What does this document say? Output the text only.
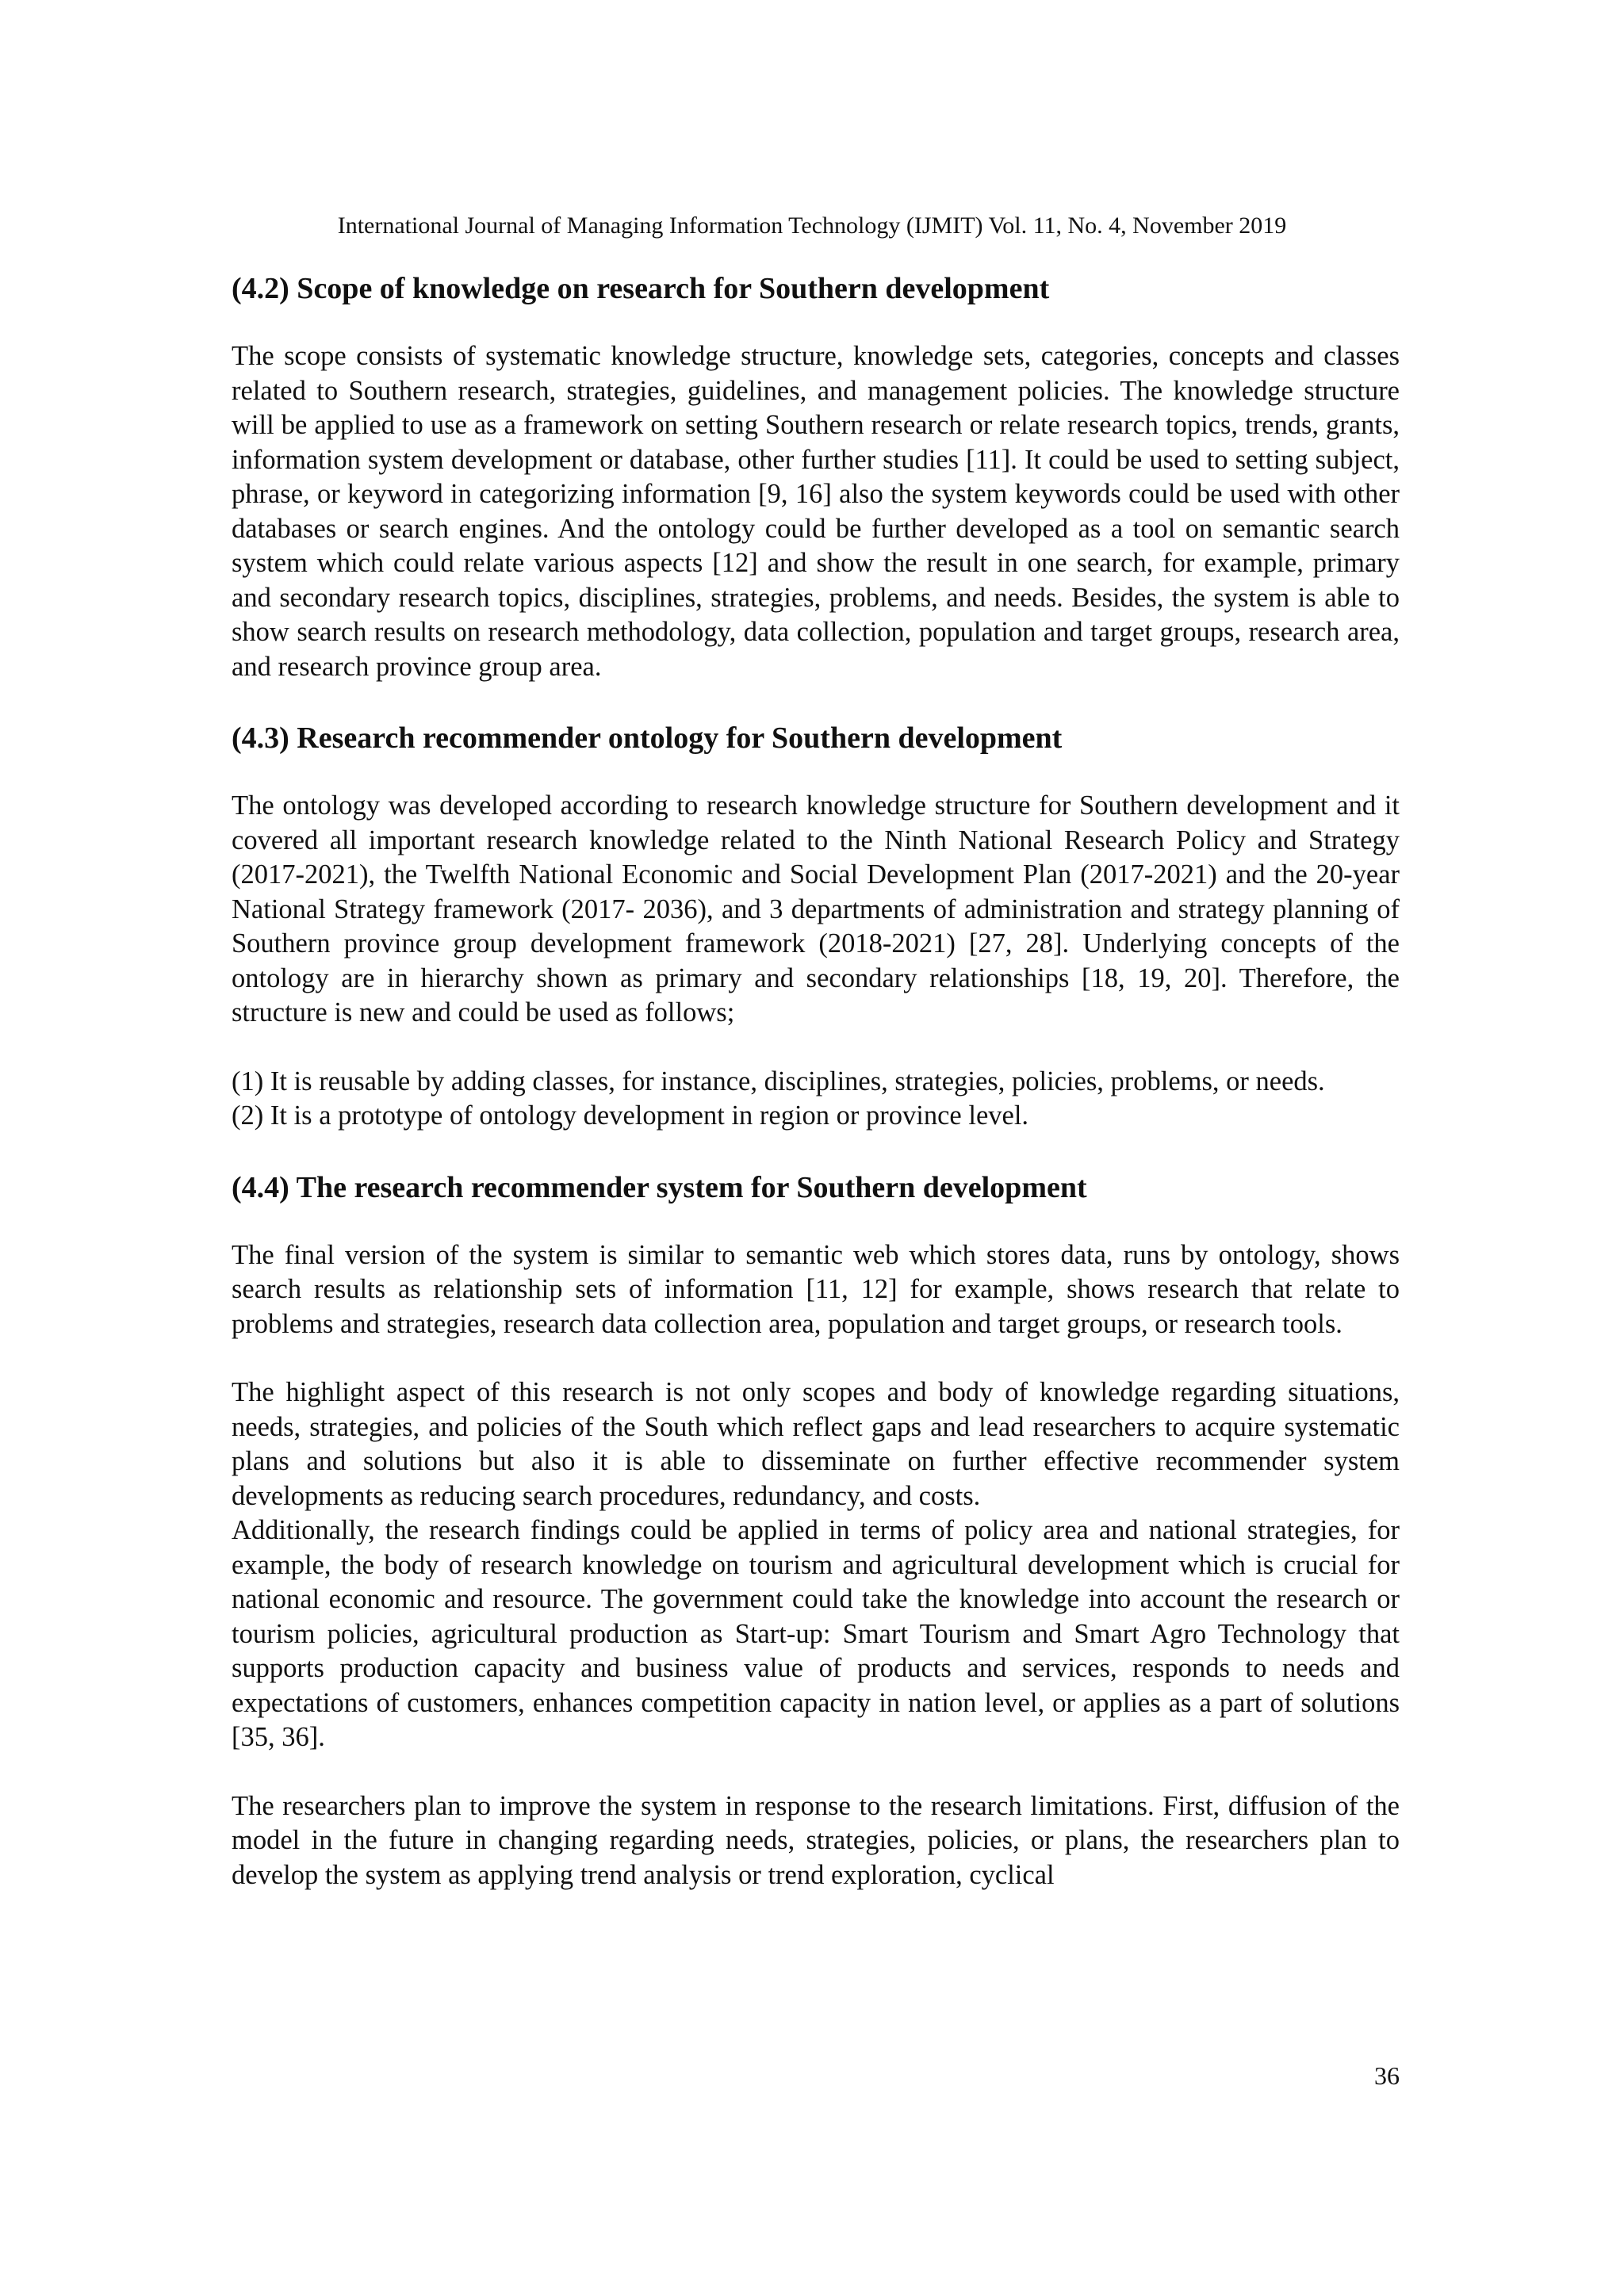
International Journal of Managing Information Technology (IJMIT) Vol. 11, No. 4, November 2019
(4.2) Scope of knowledge on research for Southern development

The scope consists of systematic knowledge structure, knowledge sets, categories, concepts and classes related to Southern research, strategies, guidelines, and management policies. The knowledge structure will be applied to use as a framework on setting Southern research or relate research topics, trends, grants, information system development or database, other further studies [11]. It could be used to setting subject, phrase, or keyword in categorizing information [9, 16] also the system keywords could be used with other databases or search engines. And the ontology could be further developed as a tool on semantic search system which could relate various aspects [12] and show the result in one search, for example, primary and secondary research topics, disciplines, strategies, problems, and needs. Besides, the system is able to show search results on research methodology, data collection, population and target groups, research area, and research province group area.

(4.3) Research recommender ontology for Southern development

The ontology was developed according to research knowledge structure for Southern development and it covered all important research knowledge related to the Ninth National Research Policy and Strategy (2017-2021), the Twelfth National Economic and Social Development Plan (2017-2021) and the 20-year National Strategy framework (2017- 2036), and 3 departments of administration and strategy planning of Southern province group development framework (2018-2021) [27, 28]. Underlying concepts of the ontology are in hierarchy shown as primary and secondary relationships [18, 19, 20]. Therefore, the structure is new and could be used as follows;

(1) It is reusable by adding classes, for instance, disciplines, strategies, policies, problems, or needs.

(2) It is a prototype of ontology development in region or province level.

(4.4) The research recommender system for Southern development

The final version of the system is similar to semantic web which stores data, runs by ontology, shows search results as relationship sets of information [11, 12] for example, shows research that relate to problems and strategies, research data collection area, population and target groups, or research tools.

The highlight aspect of this research is not only scopes and body of knowledge regarding situations, needs, strategies, and policies of the South which reflect gaps and lead researchers to acquire systematic plans and solutions but also it is able to disseminate on further effective recommender system developments as reducing search procedures, redundancy, and costs.

Additionally, the research findings could be applied in terms of policy area and national strategies, for example, the body of research knowledge on tourism and agricultural development which is crucial for national economic and resource. The government could take the knowledge into account the research or tourism policies, agricultural production as Start-up: Smart Tourism and Smart Agro Technology that supports production capacity and business value of products and services, responds to needs and expectations of customers, enhances competition capacity in nation level, or applies as a part of solutions [35, 36].

The researchers plan to improve the system in response to the research limitations. First, diffusion of the model in the future in changing regarding needs, strategies, policies, or plans, the researchers plan to develop the system as applying trend analysis or trend exploration, cyclical

36
